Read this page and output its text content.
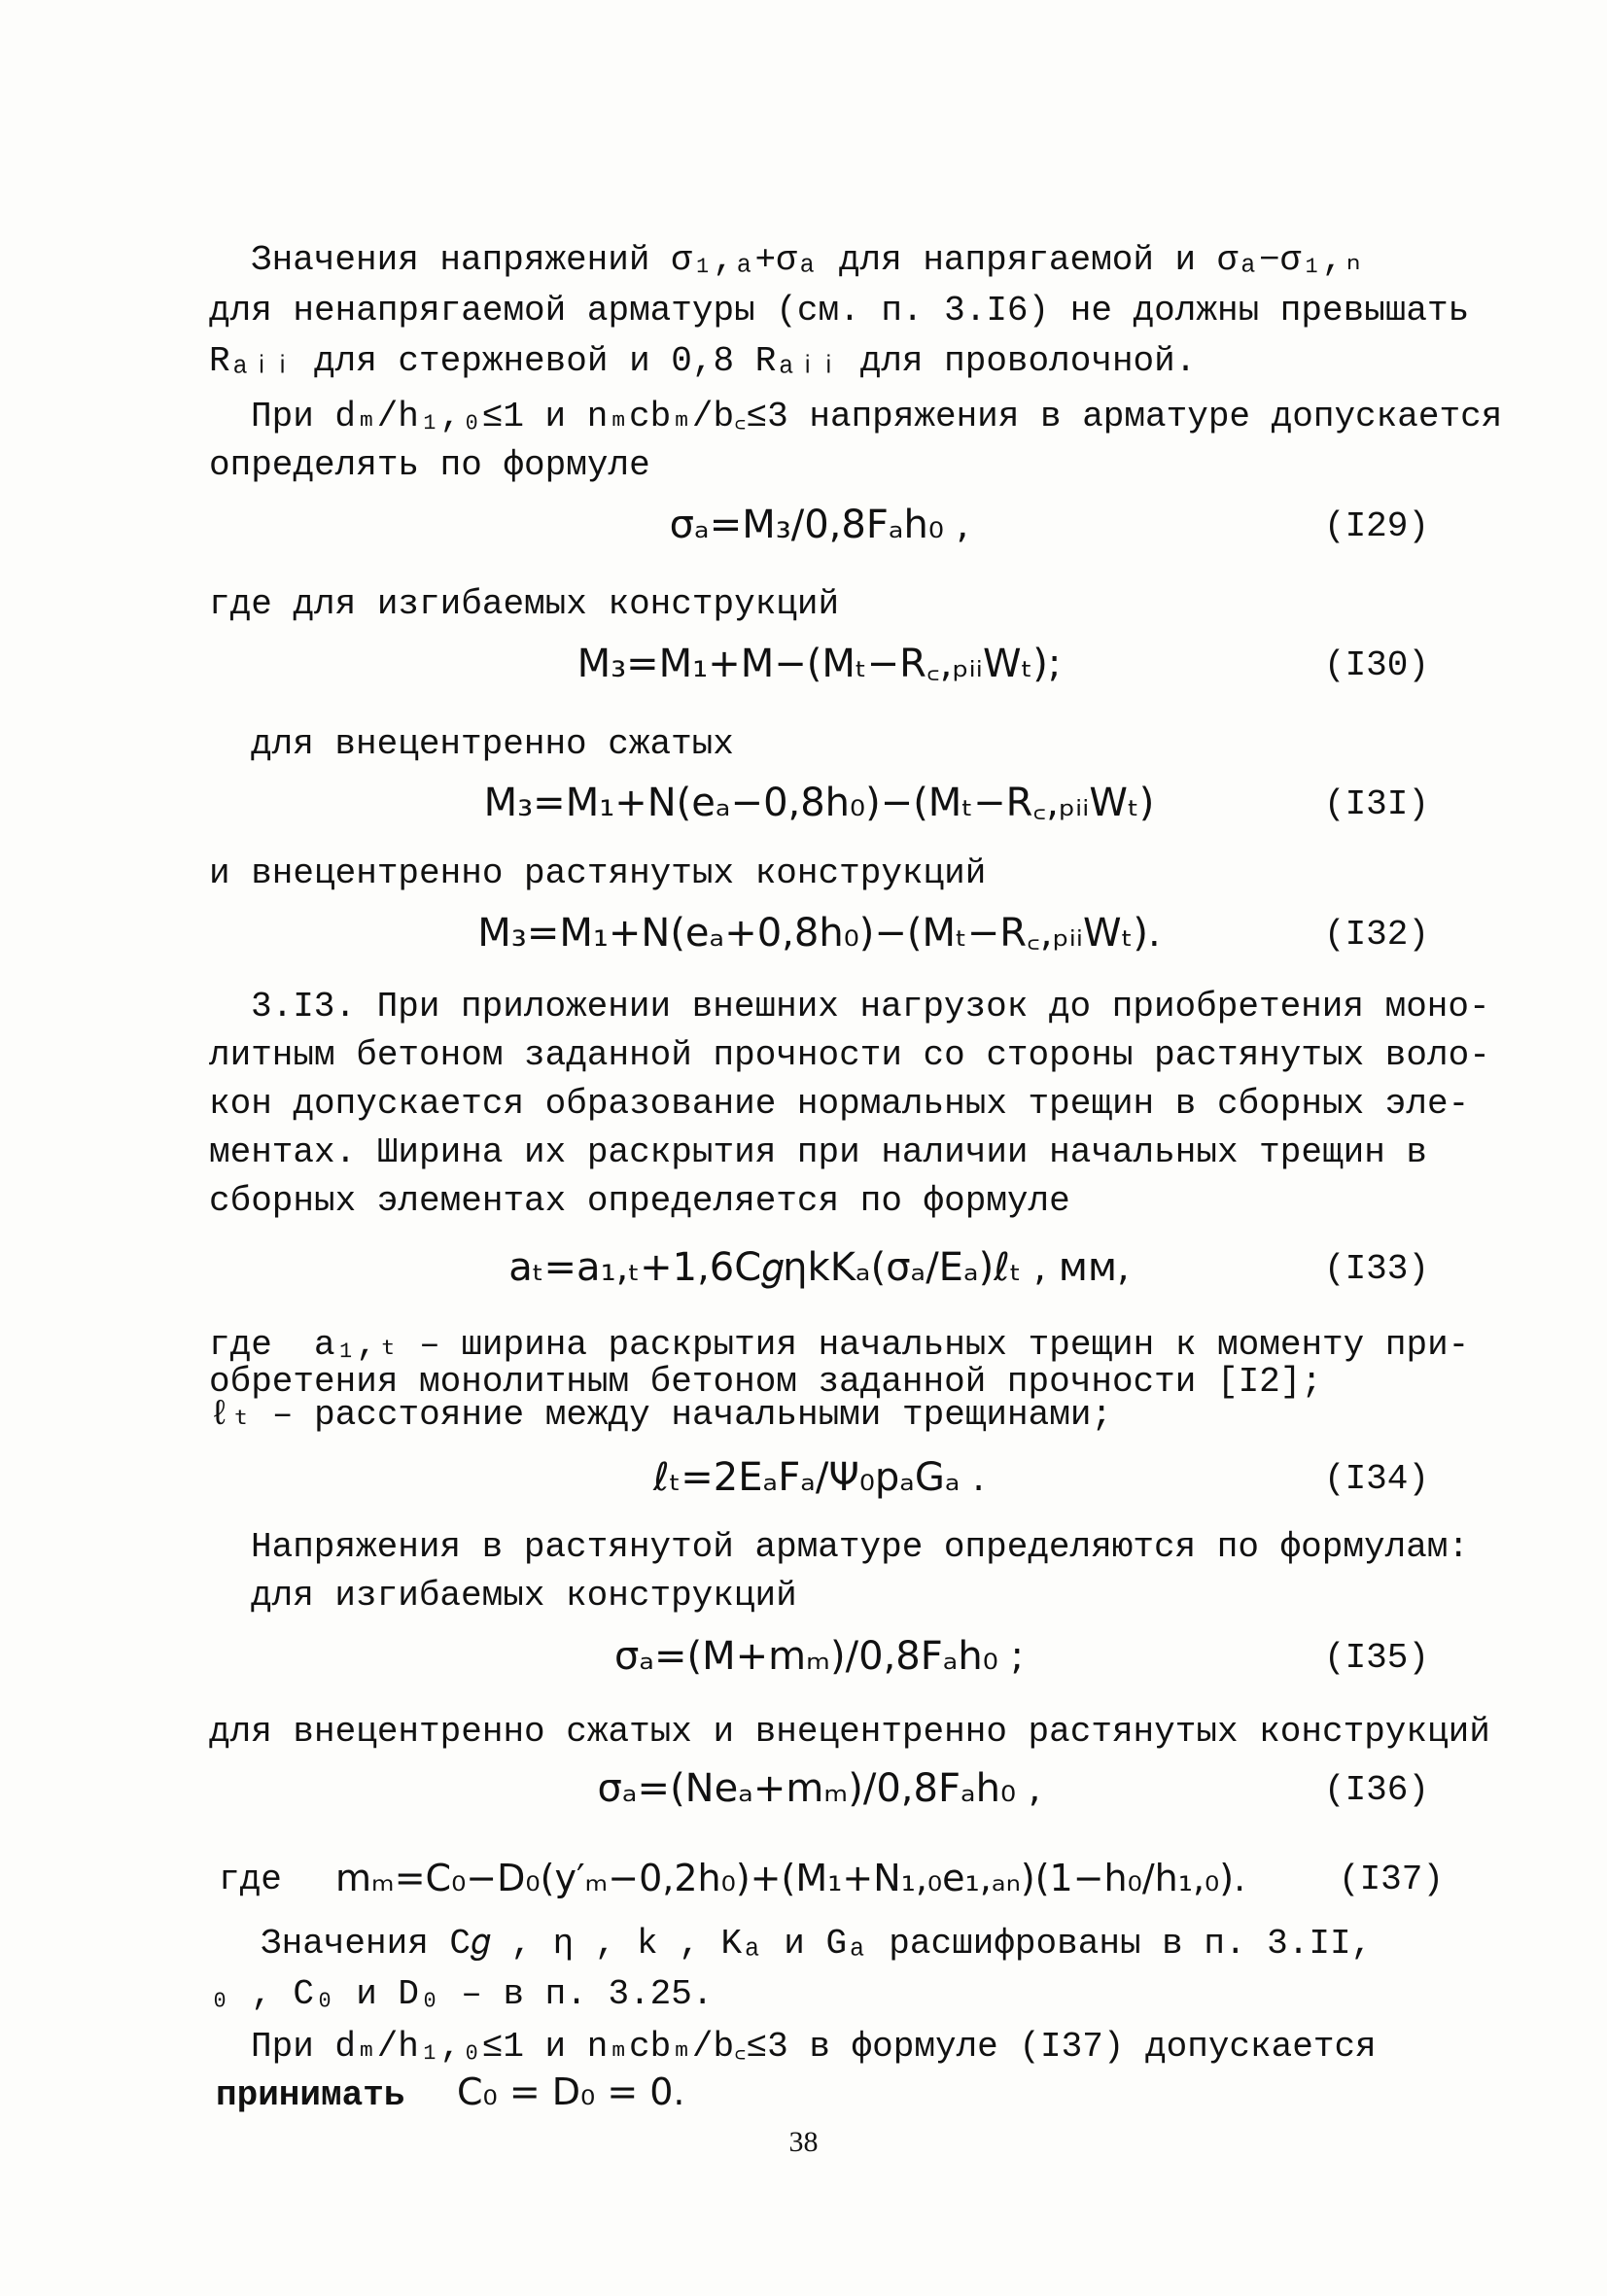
Значения напряжений σ₁,ₐ+σₐ для напрягаемой и σₐ−σ₁,ₙ
для ненапрягаемой арматуры (см. п. 3.I6) не должны превышать
Rₐᵢᵢ для стержневой и 0,8 Rₐᵢᵢ для проволочной.
При dₘ/h₁,₀≤1 и nₘcbₘ/b꜀≤3 напряжения в арматуре допускается
определять по формуле
σₐ=M₃/0,8Fₐh₀ ,	(I29)
где для изгибаемых конструкций
M₃=M₁+M−(Mₜ−R꜀,ₚᵢᵢWₜ);	(I30)
для внецентренно сжатых
M₃=M₁+N(eₐ−0,8h₀)−(Mₜ−R꜀,ₚᵢᵢWₜ)	(I3I)
и внецентренно растянутых конструкций
M₃=M₁+N(eₐ+0,8h₀)−(Mₜ−R꜀,ₚᵢᵢWₜ).	(I32)
3.I3. При приложении внешних нагрузок до приобретения моно-
литным бетоном заданной прочности со стороны растянутых воло-
кон допускается образование нормальных трещин в сборных эле-
ментах. Ширина их раскрытия при наличии начальных трещин в
сборных элементах определяется по формуле
aₜ=a₁,ₜ+1,6C𝑔ηkKₐ(σₐ/Eₐ)ℓₜ , мм,	(I33)
где  a₁,ₜ – ширина раскрытия начальных трещин к моменту при-
обретения монолитным бетоном заданной прочности [I2];
ℓₜ – расстояние между начальными трещинами;
ℓₜ=2EₐFₐ/Ψ₀pₐGₐ .	(I34)
Напряжения в растянутой арматуре определяются по формулам:
для изгибаемых конструкций
σₐ=(M+mₘ)/0,8Fₐh₀ ;	(I35)
для внецентренно сжатых и внецентренно растянутых конструкций
σₐ=(Neₐ+mₘ)/0,8Fₐh₀ ,	(I36)
где mₘ=C₀−D₀(y′ₘ−0,2h₀)+(M₁+N₁,₀e₁,ₐₙ)(1−h₀/h₁,₀).	(I37)
Значения C𝑔 , η , k , Kₐ и Gₐ расшифрованы в п. 3.II,
₀ , C₀ и D₀ – в п. 3.25.
При dₘ/h₁,₀≤1 и nₘcbₘ/b꜀≤3 в формуле (I37) допускается
принимать C₀ = D₀ = 0.
38
